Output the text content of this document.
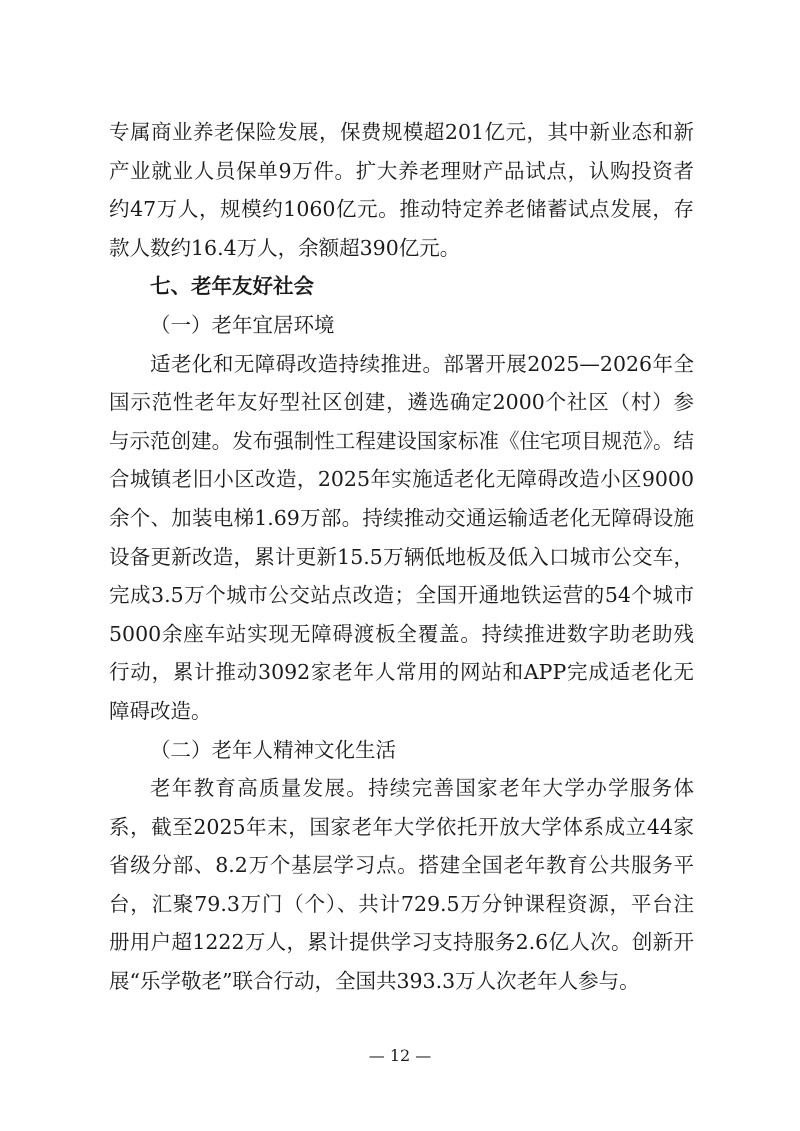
专属商业养老保险发展，保费规模超201亿元，其中新业态和新产业就业人员保单9万件。扩大养老理财产品试点，认购投资者约47万人，规模约1060亿元。推动特定养老储蓄试点发展，存款人数约16.4万人，余额超390亿元。

七、老年友好社会

（一）老年宜居环境

适老化和无障碍改造持续推进。部署开展2025—2026年全国示范性老年友好型社区创建，遴选确定2000个社区（村）参与示范创建。发布强制性工程建设国家标准《住宅项目规范》。结合城镇老旧小区改造，2025年实施适老化无障碍改造小区9000余个、加装电梯1.69万部。持续推动交通运输适老化无障碍设施设备更新改造，累计更新15.5万辆低地板及低入口城市公交车，完成3.5万个城市公交站点改造；全国开通地铁运营的54个城市5000余座车站实现无障碍渡板全覆盖。持续推进数字助老助残行动，累计推动3092家老年人常用的网站和APP完成适老化无障碍改造。

（二）老年人精神文化生活

老年教育高质量发展。持续完善国家老年大学办学服务体系，截至2025年末，国家老年大学依托开放大学体系成立44家省级分部、8.2万个基层学习点。搭建全国老年教育公共服务平台，汇聚79.3万门（个）、共计729.5万分钟课程资源，平台注册用户超1222万人，累计提供学习支持服务2.6亿人次。创新开展“乐学敬老”联合行动，全国共393.3万人次老年人参与。

— 12 —
